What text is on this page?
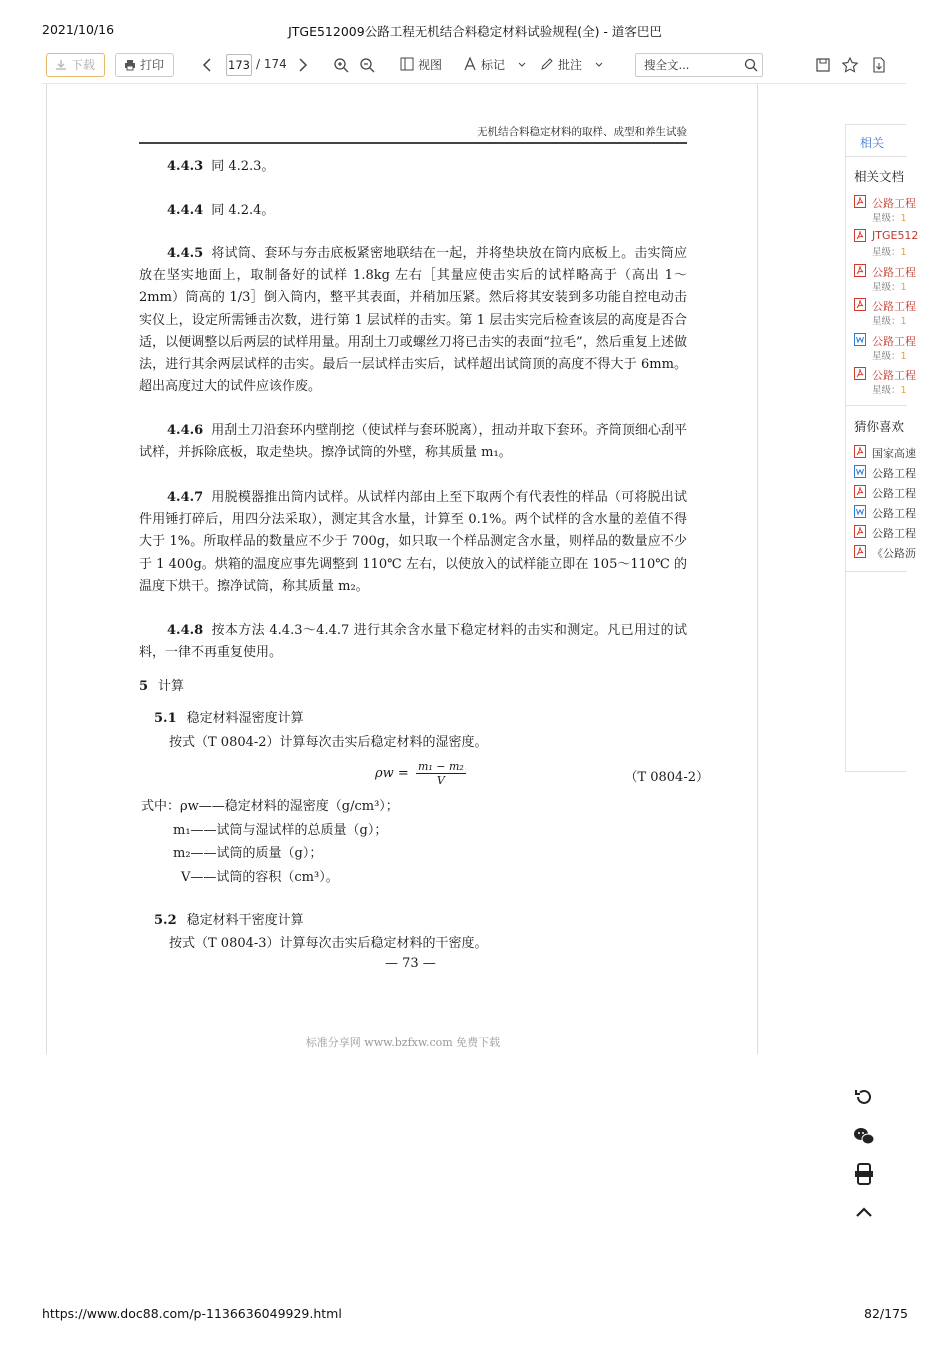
2021/10/16	JTGE512009公路工程无机结合料稳定材料试验规程(全) - 道客巴巴
下载	打印	173 / 174	视图	标记	批注	搜全文...
无机结合料稳定材料的取样、成型和养生试验
4.4.3 同 4.2.3。
4.4.4 同 4.2.4。
4.4.5 将试筒、套环与夯击底板紧密地联结在一起，并将垫块放在筒内底板上。击实筒应放在坚实地面上，取制备好的试样 1.8kg 左右［其量应使击实后的试样略高于（高出 1～2mm）筒高的 1/3］倒入筒内，整平其表面，并稍加压紧。然后将其安装到多功能自控电动击实仪上，设定所需锤击次数，进行第 1 层试样的击实。第 1 层击实完后检查该层的高度是否合适，以便调整以后两层的试样用量。用刮土刀或螺丝刀将已击实的表面“拉毛”，然后重复上述做法，进行其余两层试样的击实。最后一层试样击实后，试样超出试筒顶的高度不得大于 6mm。超出高度过大的试件应该作废。
4.4.6 用刮土刀沿套环内壁削挖（使试样与套环脱离），扭动并取下套环。齐筒顶细心刮平试样，并拆除底板，取走垫块。擦净试筒的外壁，称其质量 m₁。
4.4.7 用脱模器推出筒内试样。从试样内部由上至下取两个有代表性的样品（可将脱出试件用锤打碎后，用四分法采取），测定其含水量，计算至 0.1%。两个试样的含水量的差值不得大于 1%。所取样品的数量应不少于 700g，如只取一个样品测定含水量，则样品的数量应不少于 1 400g。烘箱的温度应事先调整到 110℃ 左右，以使放入的试样能立即在 105～110℃ 的温度下烘干。擦净试筒，称其质量 m₂。
4.4.8 按本方法 4.4.3～4.4.7 进行其余含水量下稳定材料的击实和测定。凡已用过的试料，一律不再重复使用。
5 计算
5.1 稳定材料湿密度计算
按式（T 0804-2）计算每次击实后稳定材料的湿密度。
$\rho w = \frac{\text{m₁ − m₂}}{V}$	（T 0804-2）
式中：ρw——稳定材料的湿密度（g/cm³）；
m₁——试筒与湿试样的总质量（g）；
m₂——试筒的质量（g）；
V——试筒的容积（cm³）。
5.2 稳定材料干密度计算
按式（T 0804-3）计算每次击实后稳定材料的干密度。
— 73 —
标准分享网 www.bzfxw.com 免费下载
相关
相关文档
公路工程
星级：1
JTGE512
星级：1
公路工程
星级：1
公路工程
星级：1
公路工程
星级：1
公路工程
星级：1
猜你喜欢
国家高速
公路工程
公路工程
公路工程
公路工程
《公路沥
https://www.doc88.com/p-1136636049929.html	82/175
